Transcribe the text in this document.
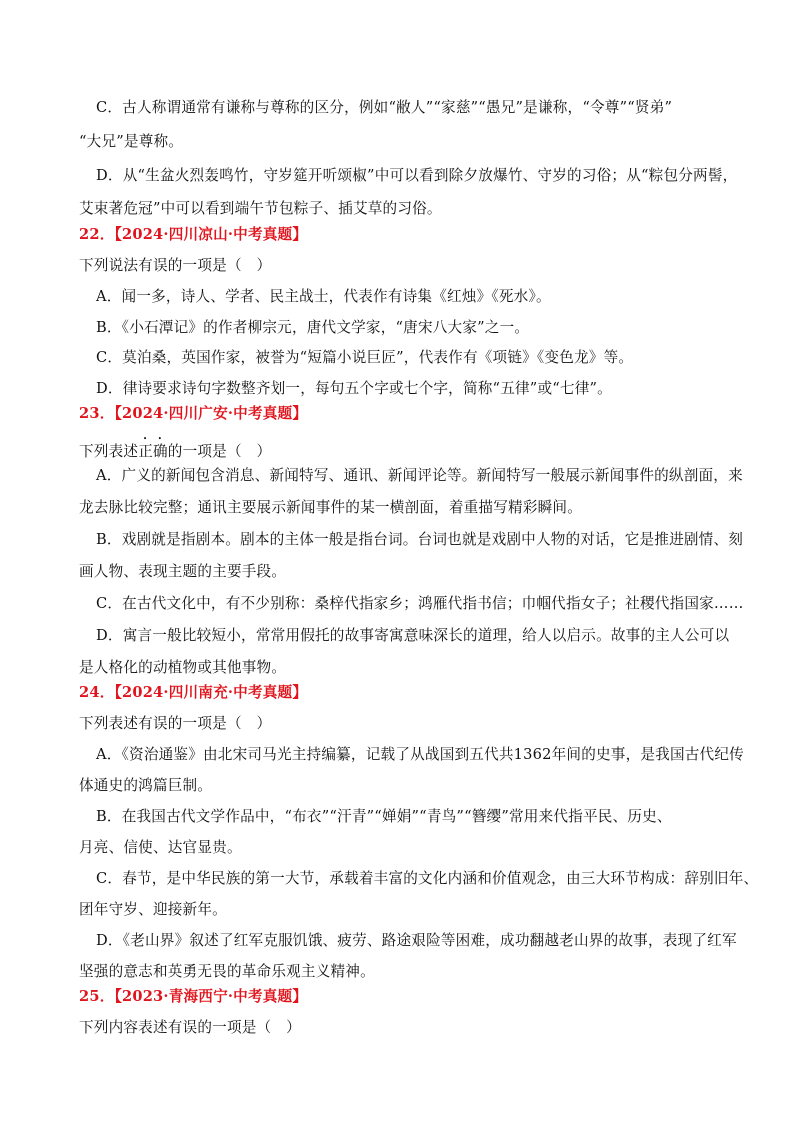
C．古人称谓通常有谦称与尊称的区分，例如“敝人”“家慈”“愚兄”是谦称，“令尊”“贤弟”
“大兄”是尊称。
D．从“生盆火烈轰鸣竹，守岁筵开听颂椒”中可以看到除夕放爆竹、守岁的习俗；从“粽包分两髻，
艾束著危冠”中可以看到端午节包粽子、插艾草的习俗。
22．【2024·四川凉山·中考真题】
下列说法有误的一项是（　）
A．闻一多，诗人、学者、民主战士，代表作有诗集《红烛》《死水》。
B．《小石潭记》的作者柳宗元，唐代文学家，“唐宋八大家”之一。
C．莫泊桑，英国作家，被誉为“短篇小说巨匠”，代表作有《项链》《变色龙》等。
D．律诗要求诗句字数整齐划一，每句五个字或七个字，简称“五律”或“七律”。
23．【2024·四川广安·中考真题】
下列表述正确的一项是（　）
A．广义的新闻包含消息、新闻特写、通讯、新闻评论等。新闻特写一般展示新闻事件的纵剖面，来
龙去脉比较完整；通讯主要展示新闻事件的某一横剖面，着重描写精彩瞬间。
B．戏剧就是指剧本。剧本的主体一般是指台词。台词也就是戏剧中人物的对话，它是推进剧情、刻
画人物、表现主题的主要手段。
C．在古代文化中，有不少别称：桑梓代指家乡；鸿雁代指书信；巾帼代指女子；社稷代指国家……
D．寓言一般比较短小，常常用假托的故事寄寓意味深长的道理，给人以启示。故事的主人公可以
是人格化的动植物或其他事物。
24．【2024·四川南充·中考真题】
下列表述有误的一项是（　）
A．《资治通鉴》由北宋司马光主持编纂，记载了从战国到五代共1362年间的史事，是我国古代纪传
体通史的鸿篇巨制。
B．在我国古代文学作品中，“布衣”“汗青”“婵娟”“青鸟”“簪缨”常用来代指平民、历史、
月亮、信使、达官显贵。
C．春节，是中华民族的第一大节，承载着丰富的文化内涵和价值观念，由三大环节构成：辞别旧年、
团年守岁、迎接新年。
D．《老山界》叙述了红军克服饥饿、疲劳、路途艰险等困难，成功翻越老山界的故事，表现了红军
坚强的意志和英勇无畏的革命乐观主义精神。
25．【2023·青海西宁·中考真题】
下列内容表述有误的一项是（　）
